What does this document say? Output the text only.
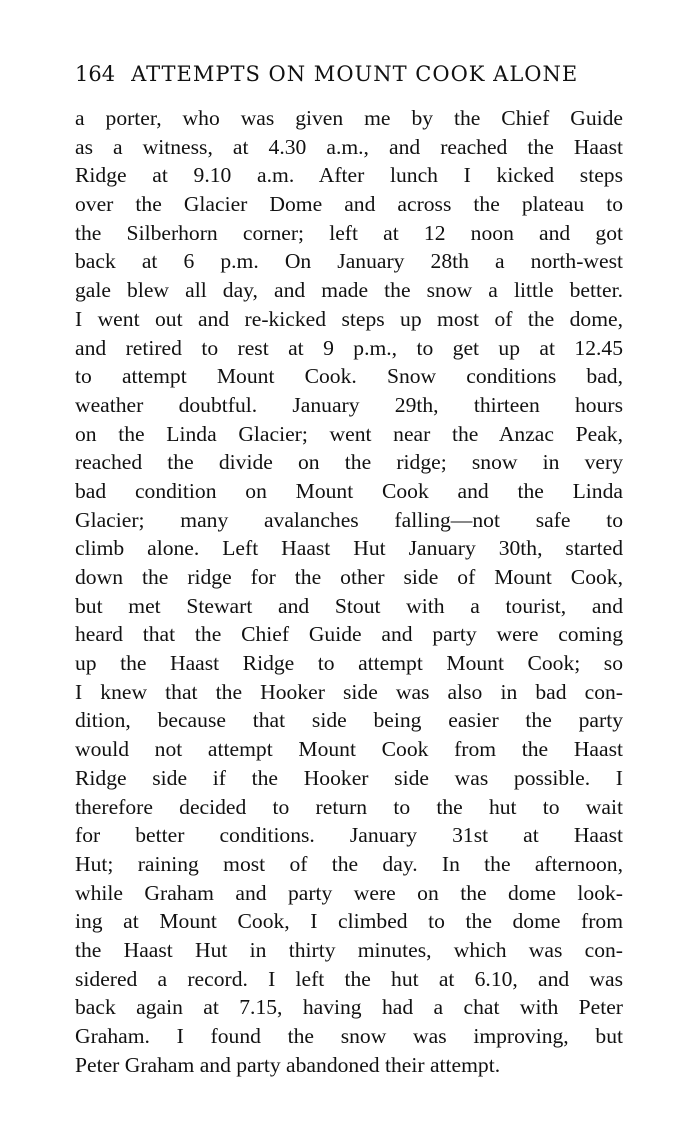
164 ATTEMPTS ON MOUNT COOK ALONE
a porter, who was given me by the Chief Guide
as a witness, at 4.30 a.m., and reached the Haast
Ridge at 9.10 a.m. After lunch I kicked steps
over the Glacier Dome and across the plateau to
the Silberhorn corner; left at 12 noon and got
back at 6 p.m. On January 28th a north-west
gale blew all day, and made the snow a little better.
I went out and re-kicked steps up most of the dome,
and retired to rest at 9 p.m., to get up at 12.45
to attempt Mount Cook. Snow conditions bad,
weather doubtful. January 29th, thirteen hours
on the Linda Glacier; went near the Anzac Peak,
reached the divide on the ridge; snow in very
bad condition on Mount Cook and the Linda
Glacier; many avalanches falling—not safe to
climb alone. Left Haast Hut January 30th, started
down the ridge for the other side of Mount Cook,
but met Stewart and Stout with a tourist, and
heard that the Chief Guide and party were coming
up the Haast Ridge to attempt Mount Cook; so
I knew that the Hooker side was also in bad con-
dition, because that side being easier the party
would not attempt Mount Cook from the Haast
Ridge side if the Hooker side was possible. I
therefore decided to return to the hut to wait
for better conditions. January 31st at Haast
Hut; raining most of the day. In the afternoon,
while Graham and party were on the dome look-
ing at Mount Cook, I climbed to the dome from
the Haast Hut in thirty minutes, which was con-
sidered a record. I left the hut at 6.10, and was
back again at 7.15, having had a chat with Peter
Graham. I found the snow was improving, but
Peter Graham and party abandoned their attempt.
